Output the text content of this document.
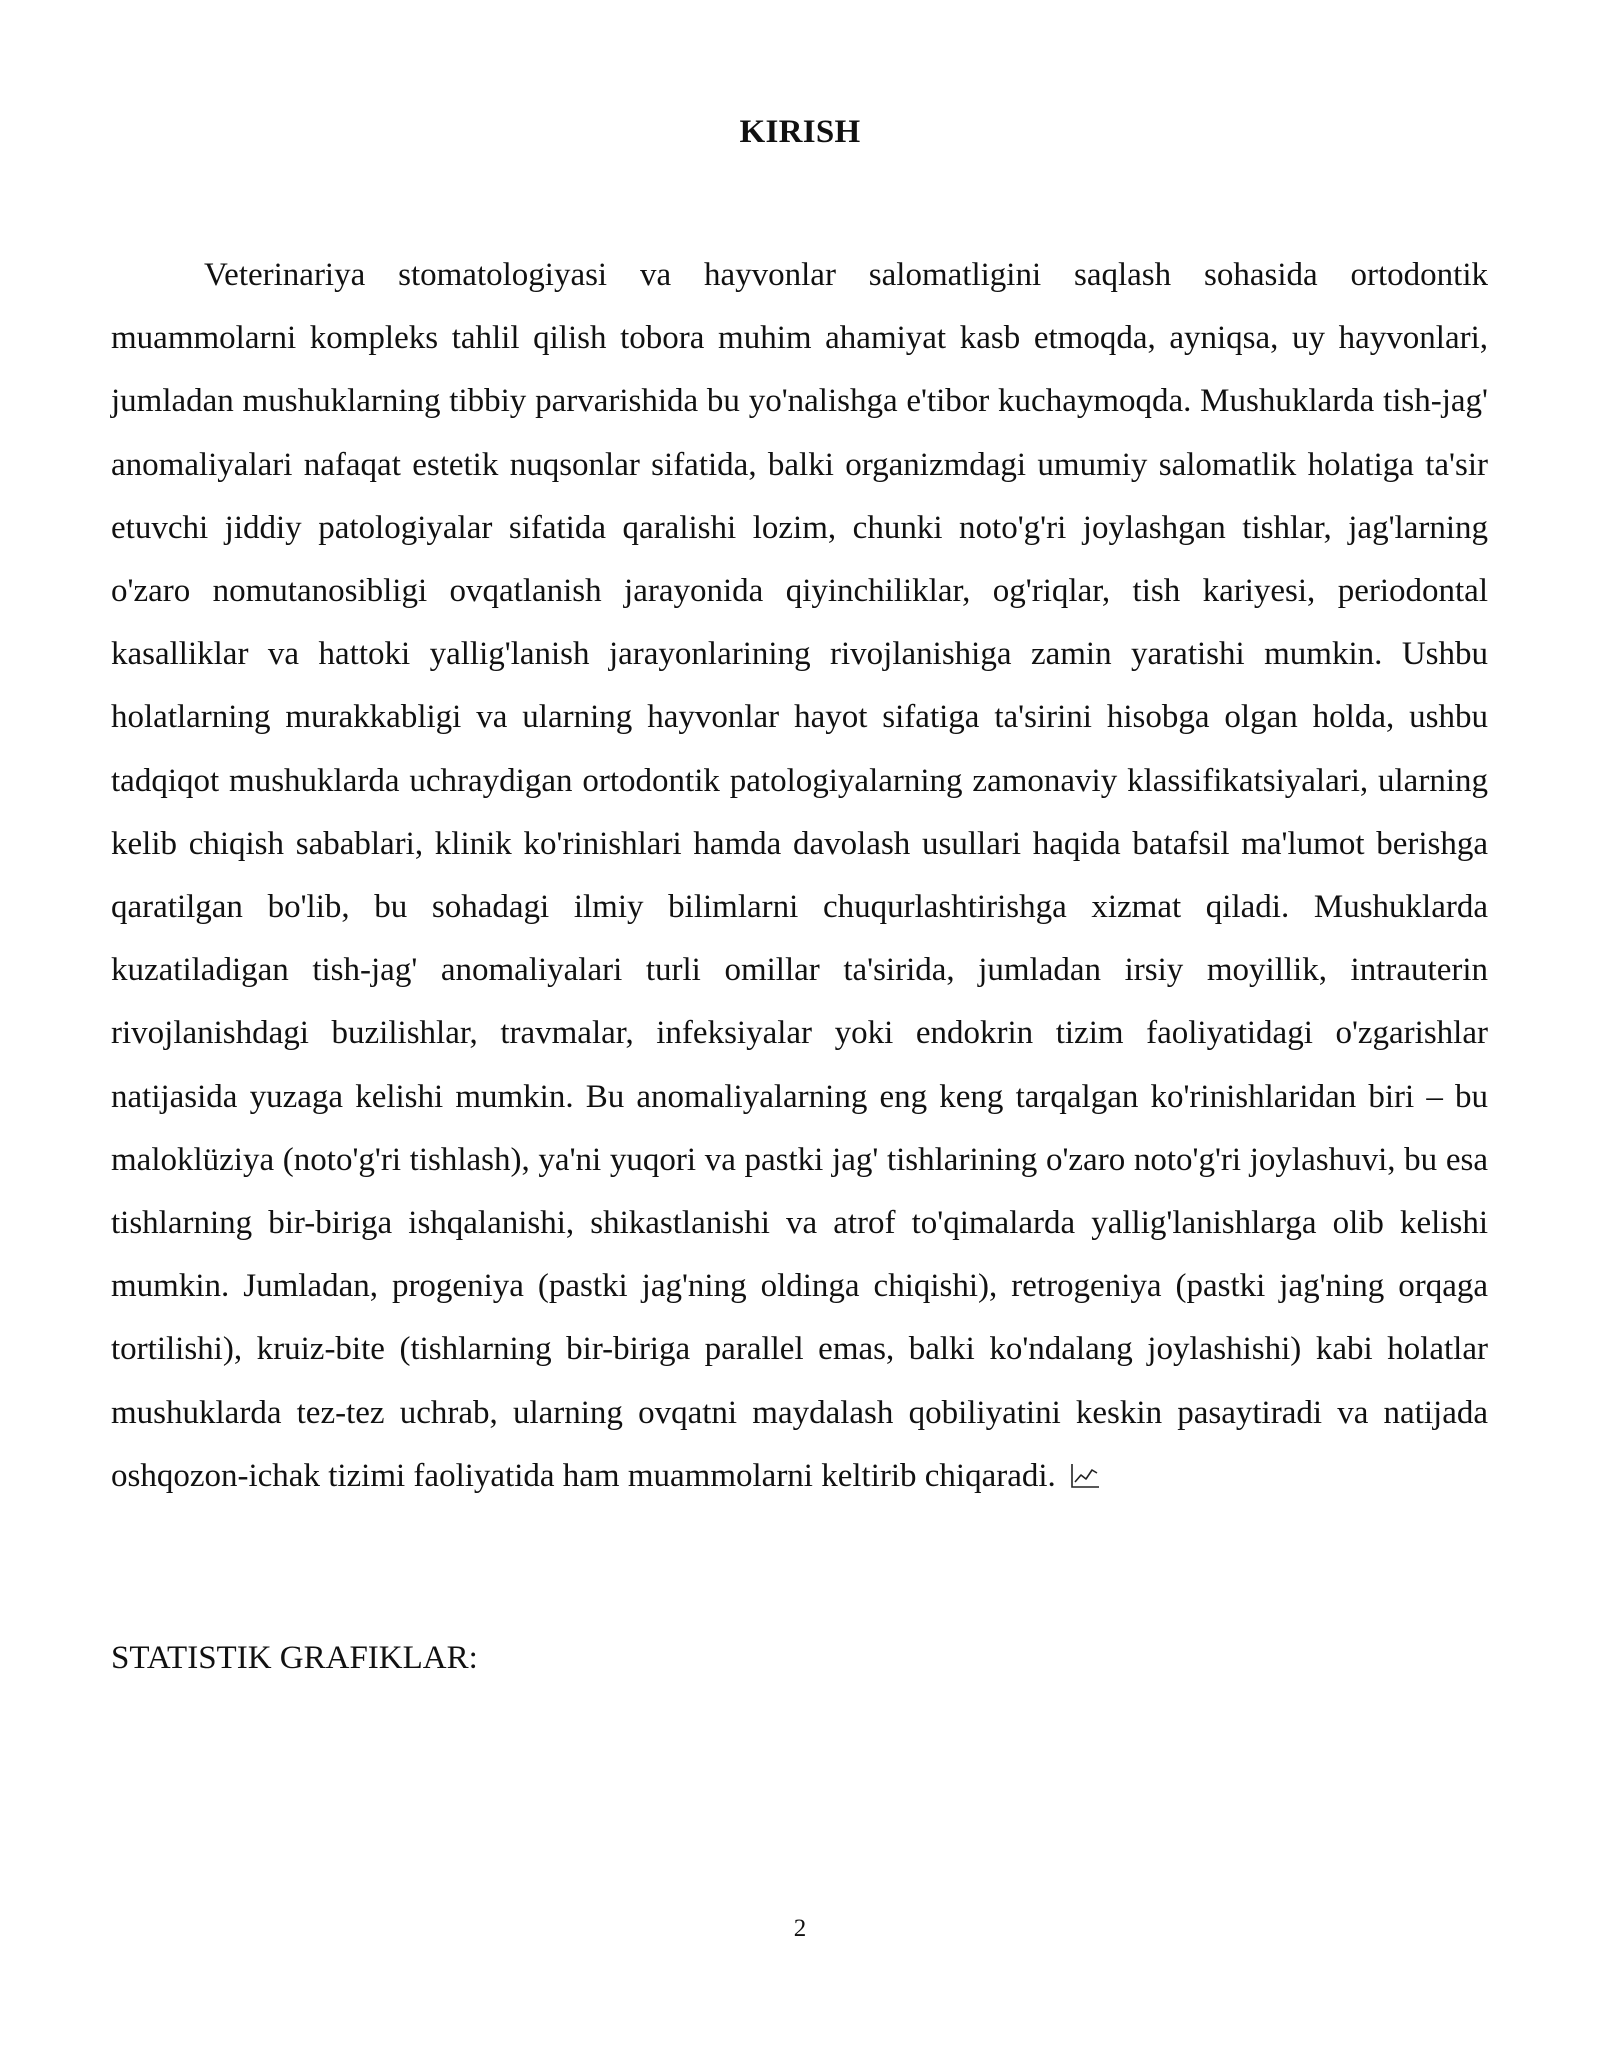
KIRISH

Veterinariya stomatologiyasi va hayvonlar salomatligini saqlash sohasida ortodontik muammolarni kompleks tahlil qilish tobora muhim ahamiyat kasb etmoqda, ayniqsa, uy hayvonlari, jumladan mushuklarning tibbiy parvarishida bu yo'nalishga e'tibor kuchaymoqda. Mushuklarda tish-jag' anomaliyalari nafaqat estetik nuqsonlar sifatida, balki organizmdagi umumiy salomatlik holatiga ta'sir etuvchi jiddiy patologiyalar sifatida qaralishi lozim, chunki noto'g'ri joylashgan tishlar, jag'larning o'zaro nomutanosibligi ovqatlanish jarayonida qiyinchiliklar, og'riqlar, tish kariyesi, periodontal kasalliklar va hattoki yallig'lanish jarayonlarining rivojlanishiga zamin yaratishi mumkin. Ushbu holatlarning murakkabligi va ularning hayvonlar hayot sifatiga ta'sirini hisobga olgan holda, ushbu tadqiqot mushuklarda uchraydigan ortodontik patologiyalarning zamonaviy klassifikatsiyalari, ularning kelib chiqish sabablari, klinik ko'rinishlari hamda davolash usullari haqida batafsil ma'lumot berishga qaratilgan bo'lib, bu sohadagi ilmiy bilimlarni chuqurlashtirishga xizmat qiladi. Mushuklarda kuzatiladigan tish-jag' anomaliyalari turli omillar ta'sirida, jumladan irsiy moyillik, intrauterin rivojlanishdagi buzilishlar, travmalar, infeksiyalar yoki endokrin tizim faoliyatidagi o'zgarishlar natijasida yuzaga kelishi mumkin. Bu anomaliyalarning eng keng tarqalgan ko'rinishlaridan biri – bu maloklüziya (noto'g'ri tishlash), ya'ni yuqori va pastki jag' tishlarining o'zaro noto'g'ri joylashuvi, bu esa tishlarning bir-biriga ishqalanishi, shikastlanishi va atrof to'qimalarda yallig'lanishlarga olib kelishi mumkin. Jumladan, progeniya (pastki jag'ning oldinga chiqishi), retrogeniya (pastki jag'ning orqaga tortilishi), kruiz-bite (tishlarning bir-biriga parallel emas, balki ko'ndalang joylashishi) kabi holatlar mushuklarda tez-tez uchrab, ularning ovqatni maydalash qobiliyatini keskin pasaytiradi va natijada oshqozon-ichak tizimi faoliyatida ham muammolarni keltirib chiqaradi.

STATISTIK GRAFIKLAR:

2
